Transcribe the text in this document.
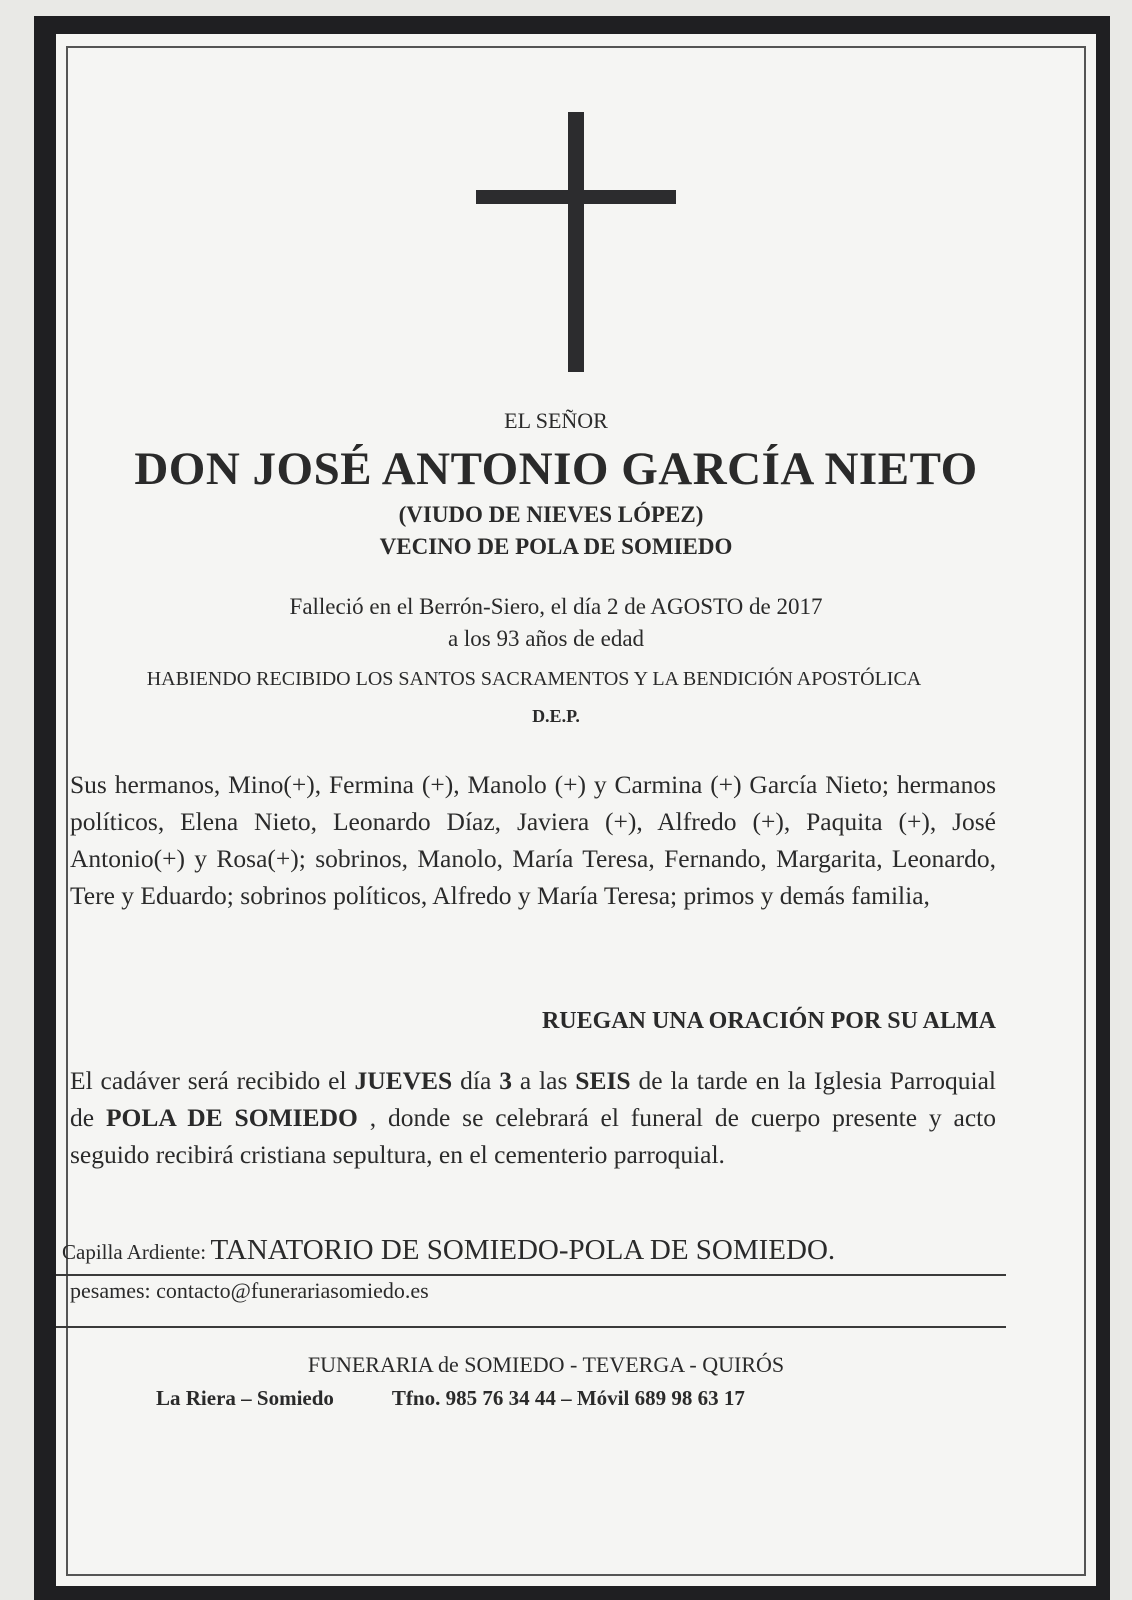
EL SEÑOR
DON JOSÉ ANTONIO GARCÍA NIETO
(VIUDO DE NIEVES LÓPEZ)
VECINO DE POLA DE SOMIEDO
Falleció en el Berrón-Siero, el día 2 de AGOSTO de 2017
a los 93 años de edad
HABIENDO RECIBIDO LOS SANTOS SACRAMENTOS Y LA BENDICIÓN APOSTÓLICA
D.E.P.
Sus hermanos, Mino(+), Fermina (+), Manolo (+) y Carmina (+) García Nieto; hermanos políticos, Elena Nieto, Leonardo Díaz, Javiera (+), Alfredo (+), Paquita (+), José Antonio(+) y Rosa(+); sobrinos, Manolo, María Teresa, Fernando, Margarita, Leonardo, Tere y Eduardo; sobrinos políticos, Alfredo y María Teresa; primos y demás familia,
RUEGAN UNA ORACIÓN POR SU ALMA
El cadáver será recibido el JUEVES día 3 a las SEIS de la tarde en la Iglesia Parroquial de POLA DE SOMIEDO , donde se celebrará el funeral de cuerpo presente y acto seguido recibirá cristiana sepultura, en el cementerio parroquial.
Capilla Ardiente: TANATORIO DE SOMIEDO-POLA DE SOMIEDO.
pesames: contacto@funerariasomiedo.es
FUNERARIA de SOMIEDO - TEVERGA - QUIRÓS
La Riera – Somiedo	Tfno. 985 76 34 44 – Móvil 689 98 63 17
